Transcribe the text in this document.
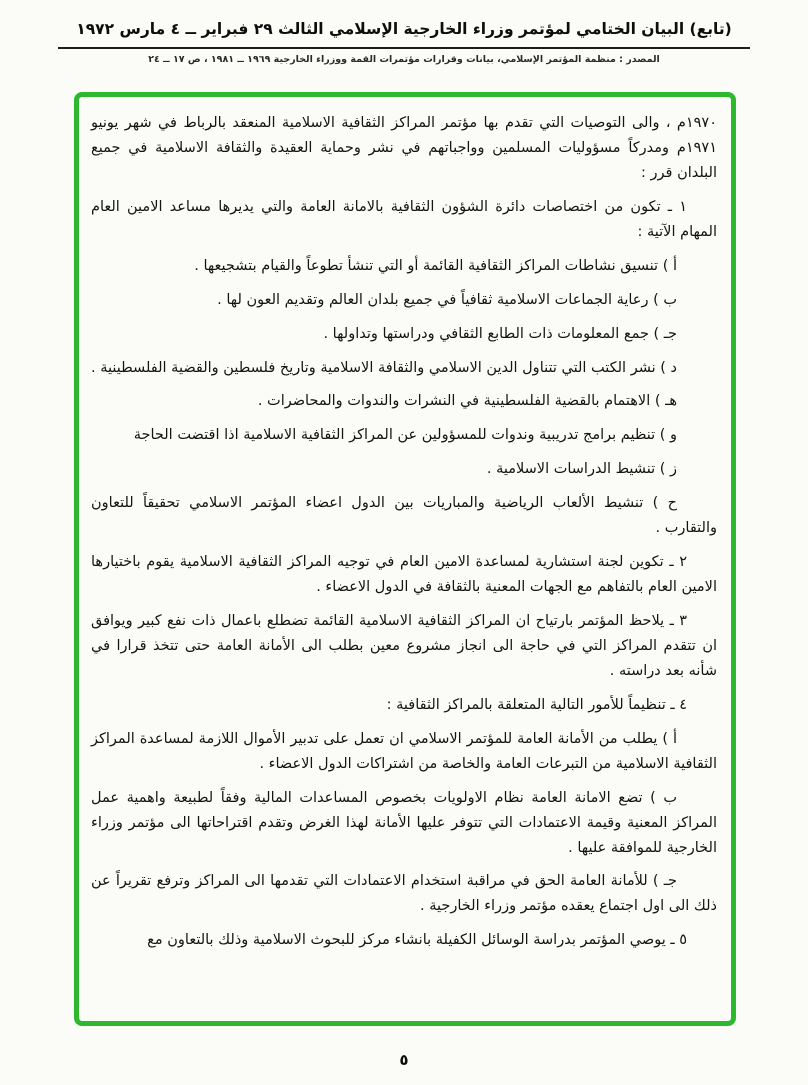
(تابع) البيان الختامي لمؤتمر وزراء الخارجية الإسلامي الثالث ٢٩ فبراير ــ ٤ مارس ١٩٧٢
المصدر : منظمة المؤتمر الإسلامي، بيانات وقرارات مؤتمرات القمة ووزراء الخارجية ١٩٦٩ ــ ١٩٨١ ، ص ١٧ ــ ٢٤

١٩٧٠م ، والى التوصيات التي تقدم بها مؤتمر المراكز الثقافية الاسلامية المنعقد بالرباط في شهر يونيو ١٩٧١م ومدركاً مسؤوليات المسلمين وواجباتهم في نشر وحماية العقيدة والثقافة الاسلامية في جميع البلدان قرر :

١ ـ تكون من اختصاصات دائرة الشؤون الثقافية بالامانة العامة والتي يديرها مساعد الامين العام المهام الآتية :

أ ) تنسيق نشاطات المراكز الثقافية القائمة أو التي تنشأ تطوعاً والقيام بتشجيعها .

ب ) رعاية الجماعات الاسلامية ثقافياً في جميع بلدان العالم وتقديم العون لها .

جـ ) جمع المعلومات ذات الطابع الثقافي ودراستها وتداولها .

د ) نشر الكتب التي تتناول الدين الاسلامي والثقافة الاسلامية وتاريخ فلسطين والقضية الفلسطينية .

هـ ) الاهتمام بالقضية الفلسطينية في النشرات والندوات والمحاضرات .

و ) تنظيم برامج تدريبية وندوات للمسؤولين عن المراكز الثقافية الاسلامية اذا اقتضت الحاجة

ز ) تنشيط الدراسات الاسلامية .

ح ) تنشيط الألعاب الرياضية والمباريات بين الدول اعضاء المؤتمر الاسلامي تحقيقاً للتعاون والتقارب .

٢ ـ تكوين لجنة استشارية لمساعدة الامين العام في توجيه المراكز الثقافية الاسلامية يقوم باختيارها الامين العام بالتفاهم مع الجهات المعنية بالثقافة في الدول الاعضاء .

٣ ـ يلاحظ المؤتمر بارتياح ان المراكز الثقافية الاسلامية القائمة تضطلع باعمال ذات نفع كبير ويوافق ان تتقدم المراكز التي في حاجة الى انجاز مشروع معين بطلب الى الأمانة العامة حتى تتخذ قرارا في شأنه بعد دراسته .

٤ ـ تنظيماً للأمور التالية المتعلقة بالمراكز الثقافية :

أ ) يطلب من الأمانة العامة للمؤتمر الاسلامي ان تعمل على تدبير الأموال اللازمة لمساعدة المراكز الثقافية الاسلامية من التبرعات العامة والخاصة من اشتراكات الدول الاعضاء .

ب ) تضع الامانة العامة نظام الاولويات بخصوص المساعدات المالية وفقاً لطبيعة واهمية عمل المراكز المعنية وقيمة الاعتمادات التي تتوفر عليها الأمانة لهذا الغرض وتقدم اقتراحاتها الى مؤتمر وزراء الخارجية للموافقة عليها .

جـ ) للأمانة العامة الحق في مراقبة استخدام الاعتمادات التي تقدمها الى المراكز وترفع تقريراً عن ذلك الى اول اجتماع يعقده مؤتمر وزراء الخارجية .

٥ ـ يوصي المؤتمر بدراسة الوسائل الكفيلة بانشاء مركز للبحوث الاسلامية وذلك بالتعاون مع

٥
